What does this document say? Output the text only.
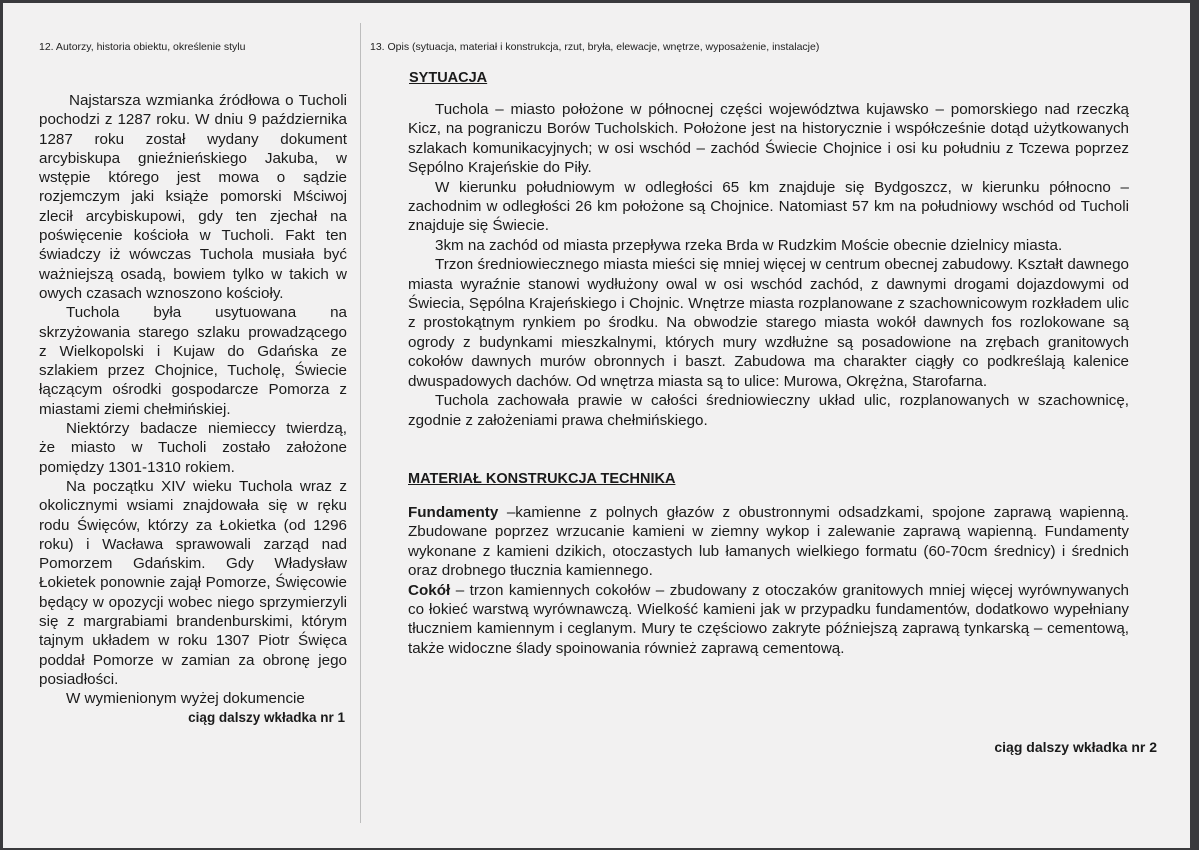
12. Autorzy, historia obiektu, określenie stylu

Najstarsza wzmianka źródłowa o Tucholi pochodzi z 1287 roku. W dniu 9 października 1287 roku został wydany dokument arcybiskupa gnieźnieńskiego Jakuba, w wstępie którego jest mowa o sądzie rozjemczym jaki książe pomorski Mściwoj zlecił arcybiskupowi, gdy ten zjechał na poświęcenie kościoła w Tucholi. Fakt ten świadczy iż wówczas Tuchola musiała być ważniejszą osadą, bowiem tylko w takich w owych czasach wznoszono kościoły.

Tuchola była usytuowana na skrzyżowania starego szlaku prowadzącego z Wielkopolski i Kujaw do Gdańska ze szlakiem przez Chojnice, Tucholę, Świecie łączącym ośrodki gospodarcze Pomorza z miastami ziemi chełmińskiej.

Niektórzy badacze niemieccy twierdzą, że miasto w Tucholi zostało założone pomiędzy 1301-1310 rokiem.

Na początku XIV wieku Tuchola wraz z okolicznymi wsiami znajdowała się w ręku rodu Święców, którzy za Łokietka (od 1296 roku) i Wacława sprawowali zarząd nad Pomorzem Gdańskim. Gdy Władysław Łokietek ponownie zajął Pomorze, Święcowie będący w opozycji wobec niego sprzymierzyli się z margrabiami brandenburskimi, którym tajnym układem w roku 1307 Piotr Święca poddał Pomorze w zamian za obronę jego posiadłości.

W wymienionym wyżej dokumencie

ciąg dalszy wkładka nr 1

13. Opis (sytuacja, materiał i konstrukcja, rzut, bryła, elewacje, wnętrze, wyposażenie, instalacje)

SYTUACJA

Tuchola – miasto położone w północnej części województwa kujawsko – pomorskiego nad rzeczką Kicz, na pograniczu Borów Tucholskich. Położone jest na historycznie i współcześnie dotąd użytkowanych szlakach komunikacyjnych; w osi wschód – zachód Świecie Chojnice i osi ku południu z Tczewa poprzez Sępólno Krajeńskie do Piły.

W kierunku południowym w odległości 65 km znajduje się Bydgoszcz, w kierunku północno – zachodnim w odległości 26 km położone są Chojnice. Natomiast 57 km na południowy wschód od Tucholi znajduje się Świecie.

3km na zachód od miasta przepływa rzeka Brda w Rudzkim Moście obecnie dzielnicy miasta.

Trzon średniowiecznego miasta mieści się mniej więcej w centrum obecnej zabudowy. Kształt dawnego miasta wyraźnie stanowi wydłużony owal w osi wschód zachód, z dawnymi drogami dojazdowymi od Świecia, Sępólna Krajeńskiego i Chojnic. Wnętrze miasta rozplanowane z szachownicowym rozkładem ulic z prostokątnym rynkiem po środku. Na obwodzie starego miasta wokół dawnych fos rozlokowane są ogrody z budynkami mieszkalnymi, których mury wzdłużne są posadowione na zrębach granitowych cokołów dawnych murów obronnych i baszt. Zabudowa ma charakter ciągły co podkreślają kalenice dwuspadowych dachów. Od wnętrza miasta są to ulice: Murowa, Okrężna, Starofarna.

Tuchola zachowała prawie w całości średniowieczny układ ulic, rozplanowanych w szachownicę, zgodnie z założeniami prawa chełmińskiego.

MATERIAŁ KONSTRUKCJA TECHNIKA

Fundamenty –kamienne z polnych głazów z obustronnymi odsadzkami, spojone zaprawą wapienną. Zbudowane poprzez wrzucanie kamieni w ziemny wykop i zalewanie zaprawą wapienną. Fundamenty wykonane z kamieni dzikich, otoczastych lub łamanych wielkiego formatu (60-70cm średnicy) i średnich oraz drobnego tłucznia kamiennego.

Cokół – trzon kamiennych cokołów – zbudowany z otoczaków granitowych mniej więcej wyrównywanych co łokieć warstwą wyrównawczą. Wielkość kamieni jak w przypadku fundamentów, dodatkowo wypełniany tłuczniem kamiennym i ceglanym. Mury te częściowo zakryte późniejszą zaprawą tynkarską – cementową, także widoczne ślady spoinowania również zaprawą cementową.

ciąg dalszy wkładka nr 2
